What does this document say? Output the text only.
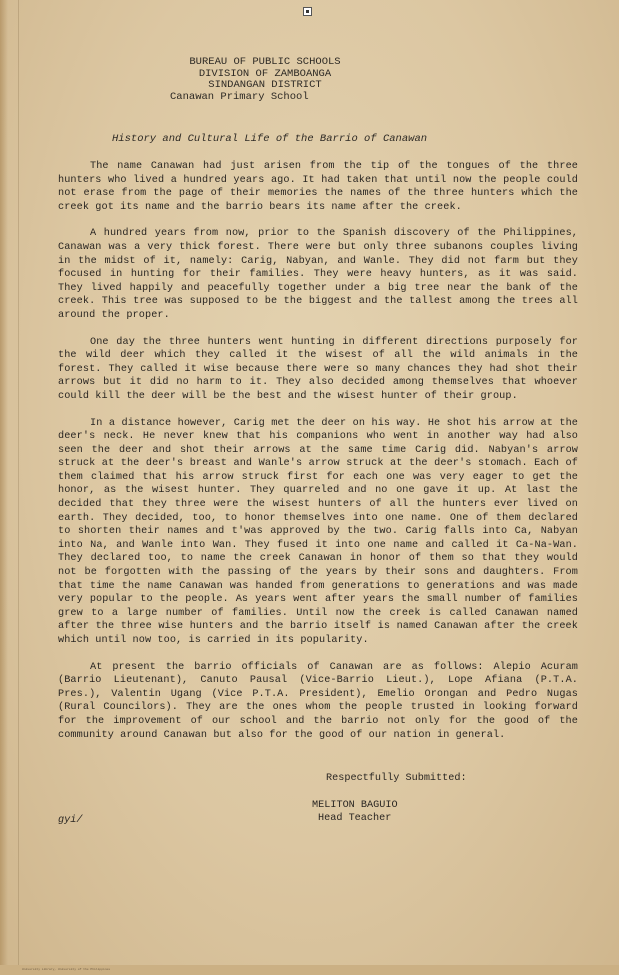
BUREAU OF PUBLIC SCHOOLS
DIVISION OF ZAMBOANGA
SINDANGAN DISTRICT
Canawan Primary School
History and Cultural Life of the Barrio of Canawan

The name Canawan had just arisen from the tip of the tongues of the three hunters who lived a hundred years ago. It had taken that until now the people could not erase from the page of their memories the names of the three hunters which the creek got its name and the barrio bears its name after the creek.

A hundred years from now, prior to the Spanish discovery of the Philippines, Canawan was a very thick forest. There were but only three subanons couples living in the midst of it, namely: Carig, Nabyan, and Wanle. They did not farm but they focused in hunting for their families. They were heavy hunters, as it was said. They lived happily and peacefully together under a big tree near the bank of the creek. This tree was supposed to be the biggest and the tallest among the trees all around the proper.

One day the three hunters went hunting in different directions purposely for the wild deer which they called it the wisest of all the wild animals in the forest. They called it wise because there were so many chances they had shot their arrows but it did no harm to it. They also decided among themselves that whoever could kill the deer will be the best and the wisest hunter of their group.

In a distance however, Carig met the deer on his way. He shot his arrow at the deer's neck. He never knew that his companions who went in another way had also seen the deer and shot their arrows at the same time Carig did. Nabyan's arrow struck at the deer's breast and Wanle's arrow struck at the deer's stomach. Each of them claimed that his arrow struck first for each one was very eager to get the honor, as the wisest hunter. They quarreled and no one gave it up. At last the decided that they three were the wisest hunters of all the hunters ever lived on earth. They decided, too, to honor themselves into one name. One of them declared to shorten their names and t'was approved by the two. Carig falls into Ca, Nabyan into Na, and Wanle into Wan. They fused it into one name and called it Ca-Na-Wan. They declared too, to name the creek Canawan in honor of them so that they would not be forgotten with the passing of the years by their sons and daughters. From that time the name Canawan was handed from generations to generations and was made very popular to the people. As years went after years the small number of families grew to a large number of families. Until now the creek is called Canawan named after the three wise hunters and the barrio itself is named Canawan after the creek which until now too, is carried in its popularity.

At present the barrio officials of Canawan are as follows: Alepio Acuram (Barrio Lieutenant), Canuto Pausal (Vice-Barrio Lieut.), Lope Afiana (P.T.A. Pres.), Valentin Ugang (Vice P.T.A. President), Emelio Orongan and Pedro Nugas (Rural Councilors). They are the ones whom the people trusted in looking forward for the improvement of our school and the barrio not only for the good of the community around Canawan but also for the good of our nation in general.

Respectfully Submitted:
MELITON BAGUIO
Head Teacher
gyi/
University Library, University of the Philippines
